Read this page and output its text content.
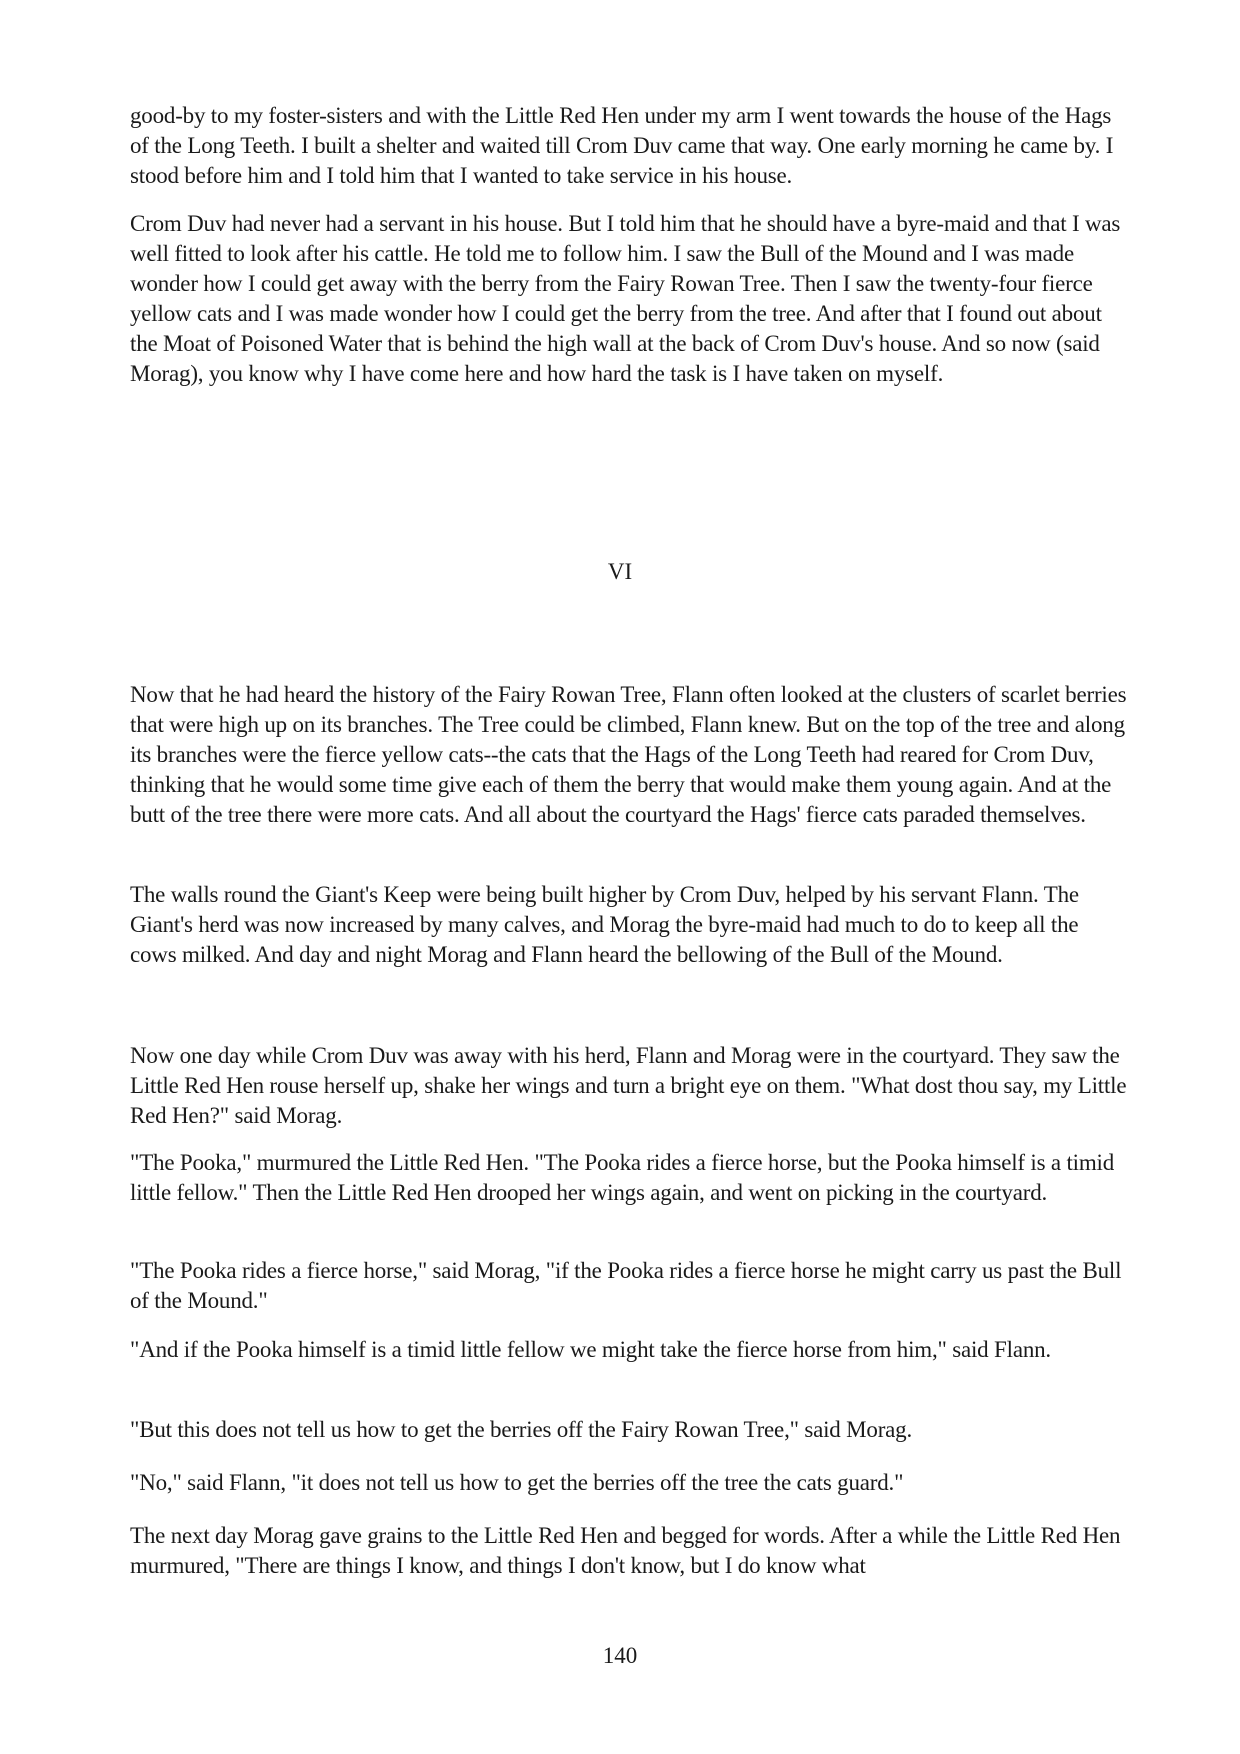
good-by to my foster-sisters and with the Little Red Hen under my arm I went towards the house of the Hags of the Long Teeth. I built a shelter and waited till Crom Duv came that way. One early morning he came by. I stood before him and I told him that I wanted to take service in his house.

Crom Duv had never had a servant in his house. But I told him that he should have a byre-maid and that I was well fitted to look after his cattle. He told me to follow him. I saw the Bull of the Mound and I was made wonder how I could get away with the berry from the Fairy Rowan Tree. Then I saw the twenty-four fierce yellow cats and I was made wonder how I could get the berry from the tree. And after that I found out about the Moat of Poisoned Water that is behind the high wall at the back of Crom Duv's house. And so now (said Morag), you know why I have come here and how hard the task is I have taken on myself.

VI

Now that he had heard the history of the Fairy Rowan Tree, Flann often looked at the clusters of scarlet berries that were high up on its branches. The Tree could be climbed, Flann knew. But on the top of the tree and along its branches were the fierce yellow cats--the cats that the Hags of the Long Teeth had reared for Crom Duv, thinking that he would some time give each of them the berry that would make them young again. And at the butt of the tree there were more cats. And all about the courtyard the Hags' fierce cats paraded themselves.

The walls round the Giant's Keep were being built higher by Crom Duv, helped by his servant Flann. The Giant's herd was now increased by many calves, and Morag the byre-maid had much to do to keep all the cows milked. And day and night Morag and Flann heard the bellowing of the Bull of the Mound.

Now one day while Crom Duv was away with his herd, Flann and Morag were in the courtyard. They saw the Little Red Hen rouse herself up, shake her wings and turn a bright eye on them. "What dost thou say, my Little Red Hen?" said Morag.

"The Pooka," murmured the Little Red Hen. "The Pooka rides a fierce horse, but the Pooka himself is a timid little fellow." Then the Little Red Hen drooped her wings again, and went on picking in the courtyard.

"The Pooka rides a fierce horse," said Morag, "if the Pooka rides a fierce horse he might carry us past the Bull of the Mound."

"And if the Pooka himself is a timid little fellow we might take the fierce horse from him," said Flann.

"But this does not tell us how to get the berries off the Fairy Rowan Tree," said Morag.

"No," said Flann, "it does not tell us how to get the berries off the tree the cats guard."

The next day Morag gave grains to the Little Red Hen and begged for words. After a while the Little Red Hen murmured, "There are things I know, and things I don't know, but I do know what

140
